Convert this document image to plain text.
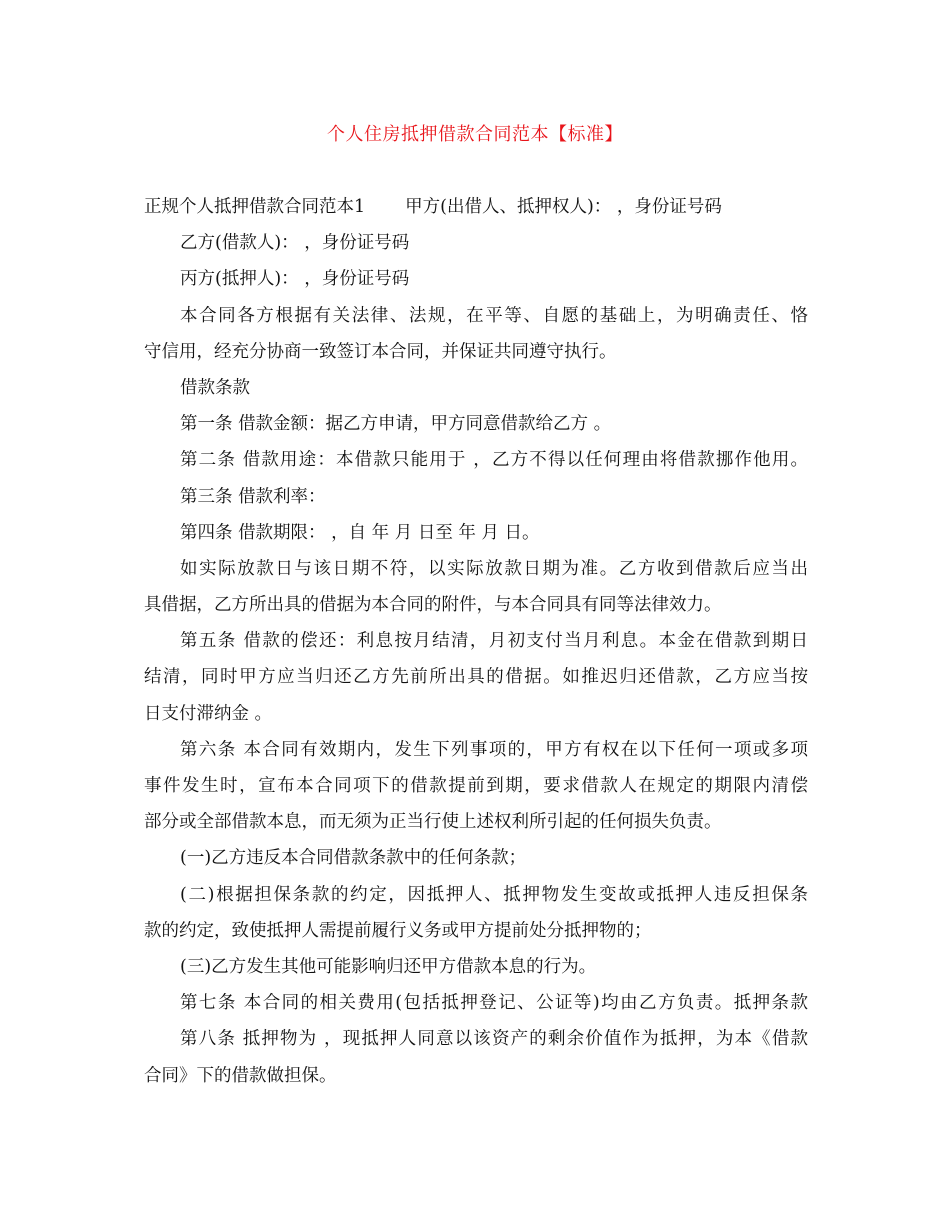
个人住房抵押借款合同范本【标准】
正规个人抵押借款合同范本1 甲方(出借人、抵押权人)： ，身份证号码
乙方(借款人)： ，身份证号码
丙方(抵押人)： ，身份证号码
本合同各方根据有关法律、法规，在平等、自愿的基础上，为明确责任、恪
守信用，经充分协商一致签订本合同，并保证共同遵守执行。
借款条款
第一条 借款金额：据乙方申请，甲方同意借款给乙方 。
第二条 借款用途：本借款只能用于 ，乙方不得以任何理由将借款挪作他用。
第三条 借款利率：
第四条 借款期限： ，自 年 月 日至 年 月 日。
如实际放款日与该日期不符，以实际放款日期为准。乙方收到借款后应当出
具借据，乙方所出具的借据为本合同的附件，与本合同具有同等法律效力。
第五条 借款的偿还：利息按月结清，月初支付当月利息。本金在借款到期日
结清，同时甲方应当归还乙方先前所出具的借据。如推迟归还借款，乙方应当按
日支付滞纳金 。
第六条 本合同有效期内，发生下列事项的，甲方有权在以下任何一项或多项
事件发生时，宣布本合同项下的借款提前到期，要求借款人在规定的期限内清偿
部分或全部借款本息，而无须为正当行使上述权利所引起的任何损失负责。
(一)乙方违反本合同借款条款中的任何条款；
(二)根据担保条款的约定，因抵押人、抵押物发生变故或抵押人违反担保条
款的约定，致使抵押人需提前履行义务或甲方提前处分抵押物的；
(三)乙方发生其他可能影响归还甲方借款本息的行为。
第七条 本合同的相关费用(包括抵押登记、公证等)均由乙方负责。抵押条款
第八条 抵押物为 ，现抵押人同意以该资产的剩余价值作为抵押，为本《借款
合同》下的借款做担保。
